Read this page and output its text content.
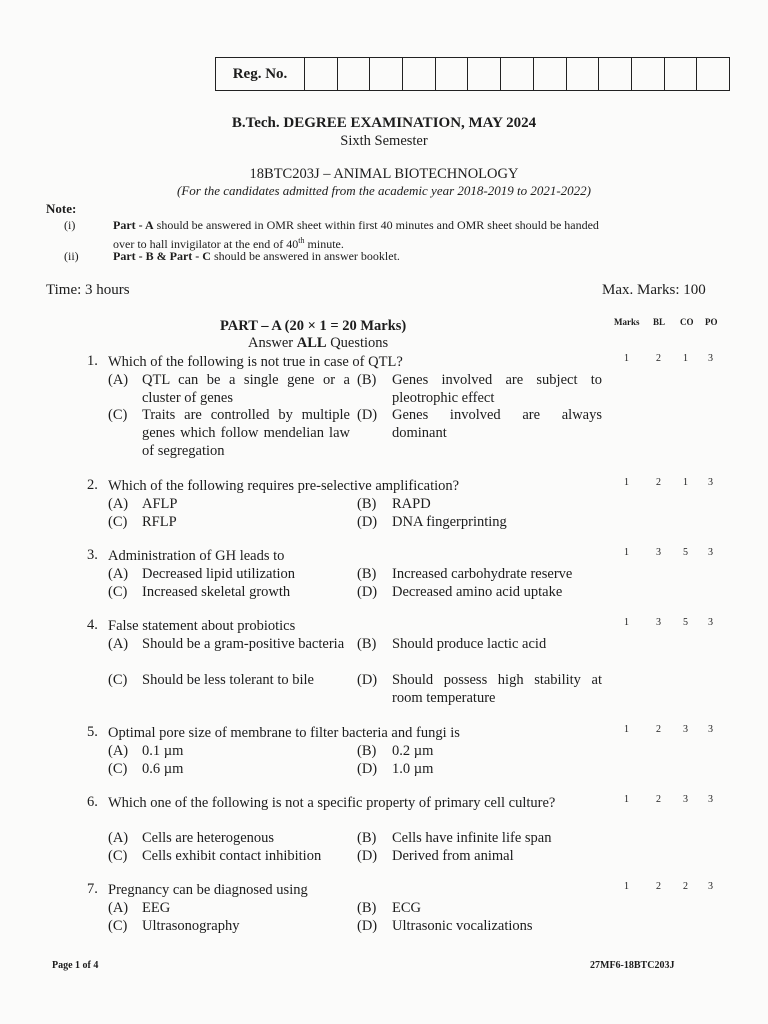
Reg. No.
B.Tech. DEGREE EXAMINATION, MAY 2024
Sixth Semester
18BTC203J – ANIMAL BIOTECHNOLOGY
(For the candidates admitted from the academic year 2018-2019 to 2021-2022)
Note:
(i)	Part - A should be answered in OMR sheet within first 40 minutes and OMR sheet should be handed
over to hall invigilator at the end of 40th minute.
(ii)	Part - B & Part - C should be answered in answer booklet.
Time: 3 hours	Max. Marks: 100
PART – A (20 × 1 = 20 Marks)
Answer ALL Questions
Marks BL CO PO
1. Which of the following is not true in case of QTL?
(A) QTL can be a single gene or a cluster of genes
(B) Genes involved are subject to pleotrophic effect
(C) Traits are controlled by multiple genes which follow mendelian law of segregation
(D) Genes involved are always dominant
1	2 1 3
2. Which of the following requires pre-selective amplification?
(A) AFLP	(B) RAPD
(C) RFLP	(D) DNA fingerprinting
1	2 1 3
3. Administration of GH leads to
(A) Decreased lipid utilization	(B) Increased carbohydrate reserve
(C) Increased skeletal growth	(D) Decreased amino acid uptake
1	3 5 3
4. False statement about probiotics
(A) Should be a gram-positive bacteria (B) Should produce lactic acid
(C) Should be less tolerant to bile	(D) Should possess high stability at room temperature
1	3 5 3
5. Optimal pore size of membrane to filter bacteria and fungi is
(A) 0.1 µm	(B) 0.2 µm
(C) 0.6 µm	(D) 1.0 µm
1	2 3 3
6. Which one of the following is not a specific property of primary cell culture?
(A) Cells are heterogenous	(B) Cells have infinite life span
(C) Cells exhibit contact inhibition (D) Derived from animal
1	2 3 3
7. Pregnancy can be diagnosed using
(A) EEG	(B) ECG
(C) Ultrasonography	(D) Ultrasonic vocalizations
1	2 2 3
Page 1 of 4	27MF6-18BTC203J
